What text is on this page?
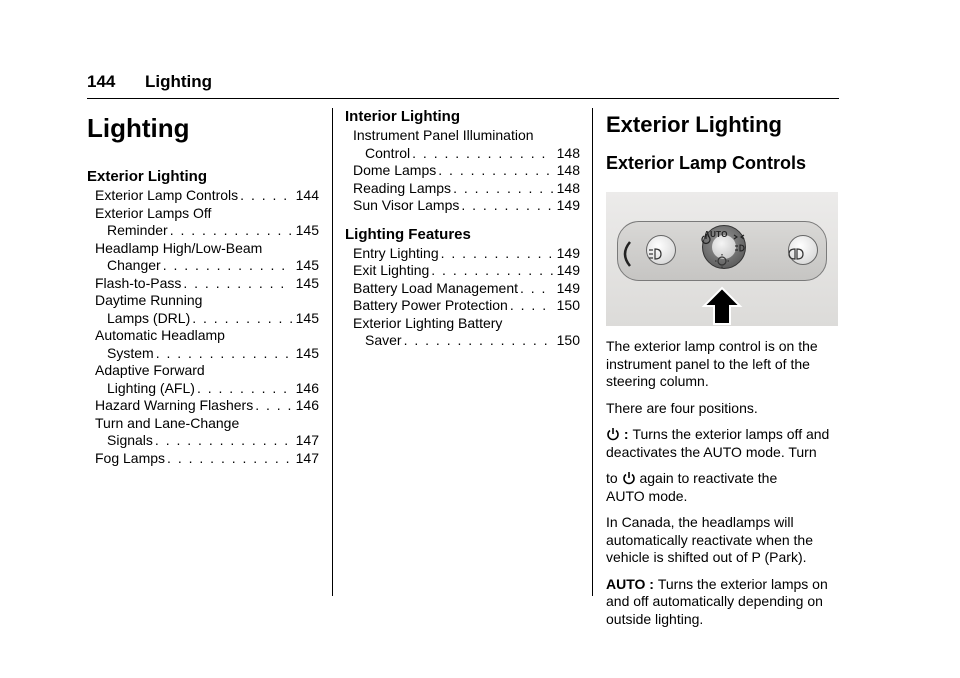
144 Lighting
Lighting
Exterior Lighting
Exterior Lamp Controls . . .	144
Exterior Lamps Off
Reminder . . .	145
Headlamp High/Low-Beam
Changer . . .	145
Flash-to-Pass . . .	145
Daytime Running
Lamps (DRL) . . .	145
Automatic Headlamp
System . . .	145
Adaptive Forward
Lighting (AFL) . . .	146
Hazard Warning Flashers . . .	146
Turn and Lane-Change
Signals . . .	147
Fog Lamps . . .	147
Interior Lighting
Instrument Panel Illumination
Control . . .	148
Dome Lamps . . .	148
Reading Lamps . . .	148
Sun Visor Lamps . . .	149
Lighting Features
Entry Lighting . . .	149
Exit Lighting . . .	149
Battery Load Management . . .	149
Battery Power Protection . . .	150
Exterior Lighting Battery
Saver . . .	150
Exterior Lighting
Exterior Lamp Controls
AUTO

The exterior lamp control is on the instrument panel to the left of the steering column.

There are four positions.

: Turns the exterior lamps off and deactivates the AUTO mode. Turn

to  again to reactivate the
AUTO mode.

In Canada, the headlamps will automatically reactivate when the vehicle is shifted out of P (Park).

AUTO : Turns the exterior lamps on and off automatically depending on outside lighting.
